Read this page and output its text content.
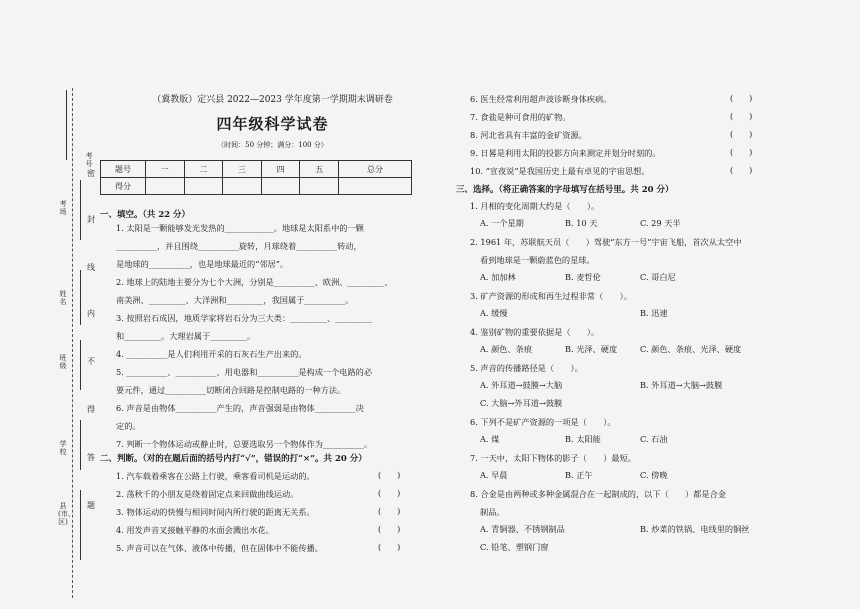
考号
考场
姓名
班级
学校
县(市、区)
密
封
线
内
不
得
答
题
（冀教版）定兴县 2022—2023 学年度第一学期期末调研卷
四年级科学试卷
（时间：50 分钟；满分：100 分）
题号	一	二	三	四	五	总分
得分						
一、填空。（共 22 分）
1. 太阳是一颗能够发光发热的____________。地球是太阳系中的一颗
__________，并且围绕__________旋转，月球绕着__________转动，
是地球的__________，也是地球最近的“邻居”。
2. 地球上的陆地主要分为七个大洲，分别是__________、欧洲、_________、
南美洲、_________、大洋洲和_________，我国属于__________。
3. 按照岩石成因，地质学家将岩石分为三大类：_________、_________
和_________。大理岩属于_________。
4. __________是人们利用开采的石灰石生产出来的。
5. __________、__________、用电器和__________是构成一个电路的必
要元件，通过__________切断闭合回路是控制电路的一种方法。
6. 声音是由物体__________产生的，声音强弱是由物体__________决
定的。
7. 判断一个物体运动或静止时，总要选取另一个物体作为__________。
二、判断。（对的在题后面的括号内打“√”，错误的打“×”。共 20 分）
1. 汽车载着乘客在公路上行驶，乘客看司机是运动的。
2. 荡秋千的小朋友是绕着固定点来回做曲线运动。
3. 物体运动的快慢与相同时间内所行驶的距离无关系。
4. 用发声音叉接触平静的水面会溅出水花。
5. 声音可以在气体、液体中传播，但在固体中不能传播。
(　　)
(　　)
(　　)
(　　)
(　　)
6. 医生经常利用超声波诊断身体疾病。
7. 食盐是种可食用的矿物。
8. 河北省具有丰富的金矿资源。
9. 日晷是利用太阳的投影方向来测定并划分时刻的。
10. “宣夜说”是我国历史上最有卓见的宇宙思想。
(　　)
(　　)
(　　)
(　　)
(　　)
三、选择。（将正确答案的字母填写在括号里。共 20 分）
1. 月相的变化周期大约是（　　）。
A. 一个星期	B. 10 天	C. 29 天半
2. 1961 年，苏联航天员（　　）驾驶“东方一号”宇宙飞船，首次从太空中
看到地球是一颗蔚蓝色的星球。
A. 加加林	B. 麦哲伦	C. 哥白尼
3. 矿产资源的形成和再生过程非常（　　）。
A. 缓慢	B. 迅速
4. 鉴别矿物的重要依据是（　　）。
A. 颜色、条痕	B. 光泽、硬度	C. 颜色、条痕、光泽、硬度
5. 声音的传播路径是（　　）。
A. 外耳道→鼓膜→大脑	B. 外耳道→大脑→鼓膜
C. 大脑→外耳道→鼓膜
6. 下列不是矿产资源的一项是（　　）。
A. 煤	B. 太阳能	C. 石油
7. 一天中，太阳下物体的影子（　　）最短。
A. 早晨	B. 正午	C. 傍晚
8. 合金是由两种或多种金属混合在一起制成的，以下（　　）都是合金
制品。
A. 青铜器、不锈钢制品	B. 炒菜的铁锅、电线里的铜丝
C. 铅笔、塑钢门窗
